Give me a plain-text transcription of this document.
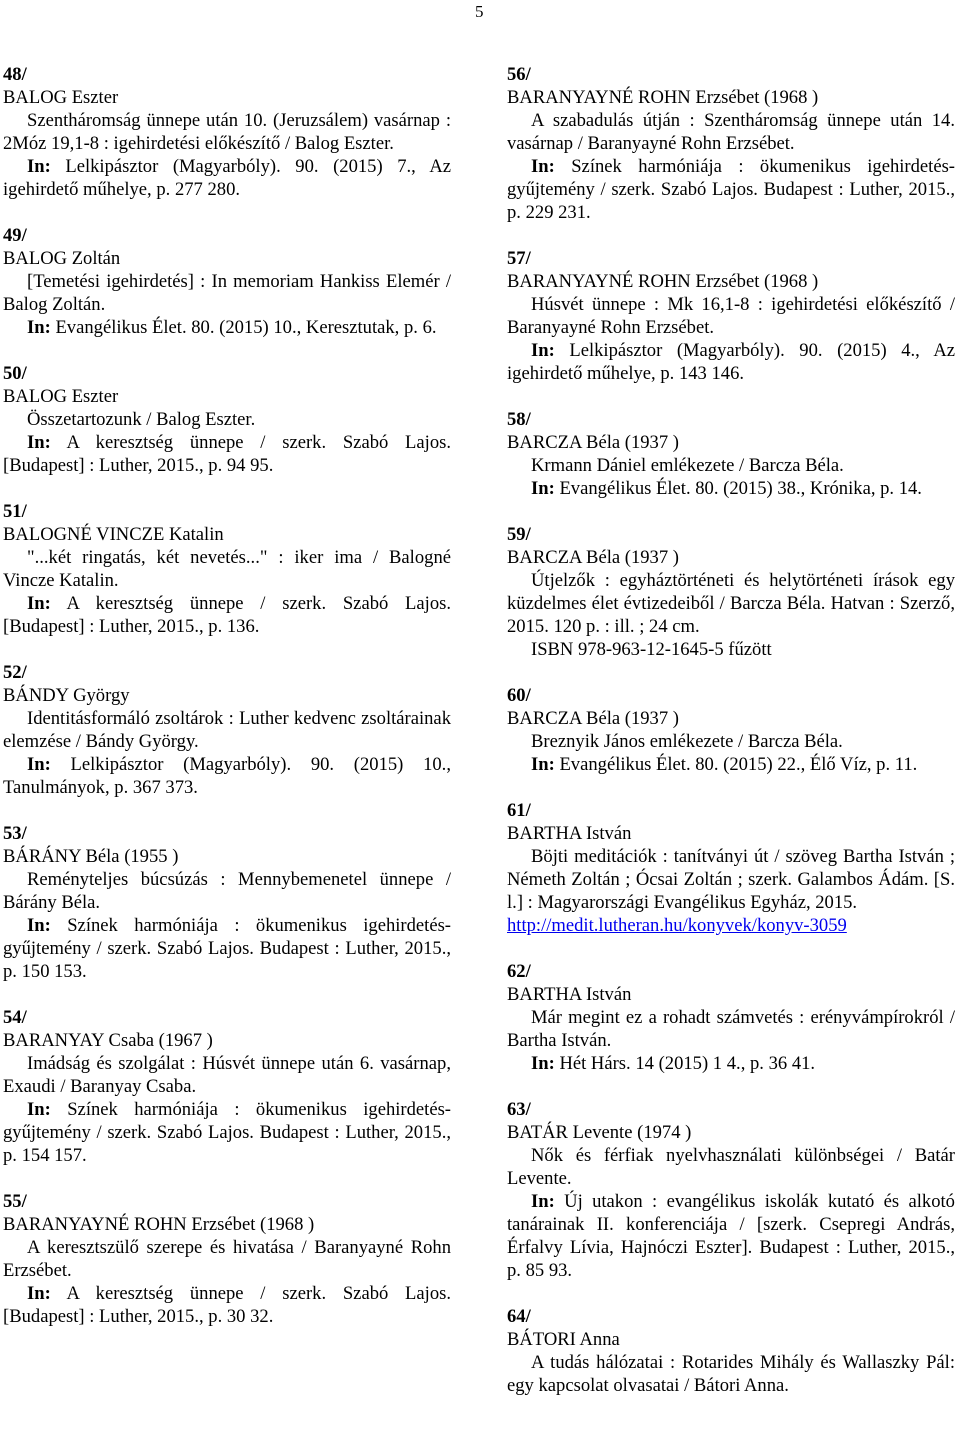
5
48/
BALOG Eszter
Szentháromság ünnepe után 10. (Jeruzsálem) vasárnap : 2Móz 19,1-8 : igehirdetési előkészítő / Balog Eszter.
In: Lelkipásztor (Magyarbóly). 90. (2015) 7., Az igehirdető műhelye, p. 277 280.
49/
BALOG Zoltán
[Temetési igehirdetés] : In memoriam Hankiss Elemér / Balog Zoltán.
In: Evangélikus Élet. 80. (2015) 10., Keresztutak, p. 6.
50/
BALOG Eszter
Összetartozunk / Balog Eszter.
In: A keresztség ünnepe / szerk. Szabó Lajos. [Budapest] : Luther, 2015., p. 94 95.
51/
BALOGNÉ VINCZE Katalin
"...két ringatás, két nevetés..." : iker ima / Balogné Vincze Katalin.
In: A keresztség ünnepe / szerk. Szabó Lajos. [Budapest] : Luther, 2015., p. 136.
52/
BÁNDY György
Identitásformáló zsoltárok : Luther kedvenc zsoltárainak elemzése / Bándy György.
In: Lelkipásztor (Magyarbóly). 90. (2015) 10., Tanulmányok, p. 367 373.
53/
BÁRÁNY Béla (1955 )
Reményteljes búcsúzás : Mennybemenetel ünnepe / Bárány Béla.
In: Színek harmóniája : ökumenikus igehirdetés-gyűjtemény / szerk. Szabó Lajos. Budapest : Luther, 2015., p. 150 153.
54/
BARANYAY Csaba (1967 )
Imádság és szolgálat : Húsvét ünnepe után 6. vasárnap, Exaudi / Baranyay Csaba.
In: Színek harmóniája : ökumenikus igehirdetés-gyűjtemény / szerk. Szabó Lajos. Budapest : Luther, 2015., p. 154 157.
55/
BARANYAYNÉ ROHN Erzsébet (1968 )
A keresztszülő szerepe és hivatása / Baranyayné Rohn Erzsébet.
In: A keresztség ünnepe / szerk. Szabó Lajos. [Budapest] : Luther, 2015., p. 30 32.
56/
BARANYAYNÉ ROHN Erzsébet (1968 )
A szabadulás útján : Szentháromság ünnepe után 14. vasárnap / Baranyayné Rohn Erzsébet.
In: Színek harmóniája : ökumenikus igehirdetés-gyűjtemény / szerk. Szabó Lajos. Budapest : Luther, 2015., p. 229 231.
57/
BARANYAYNÉ ROHN Erzsébet (1968 )
Húsvét ünnepe : Mk 16,1-8 : igehirdetési előkészítő / Baranyayné Rohn Erzsébet.
In: Lelkipásztor (Magyarbóly). 90. (2015) 4., Az igehirdető műhelye, p. 143 146.
58/
BARCZA Béla (1937 )
Krmann Dániel emlékezete / Barcza Béla.
In: Evangélikus Élet. 80. (2015) 38., Krónika, p. 14.
59/
BARCZA Béla (1937 )
Útjelzők : egyháztörténeti és helytörténeti írások egy küzdelmes élet évtizedeiből / Barcza Béla. Hatvan : Szerző, 2015. 120 p. : ill. ; 24 cm.
ISBN 978-963-12-1645-5 fűzött
60/
BARCZA Béla (1937 )
Breznyik János emlékezete / Barcza Béla.
In: Evangélikus Élet. 80. (2015) 22., Élő Víz, p. 11.
61/
BARTHA István
Böjti meditációk : tanítványi út / szöveg Bartha István ; Németh Zoltán ; Ócsai Zoltán ; szerk. Galambos Ádám. [S. l.] : Magyarországi Evangélikus Egyház, 2015.
http://medit.lutheran.hu/konyvek/konyv-3059
62/
BARTHA István
Már megint ez a rohadt számvetés : erényvámpírokról / Bartha István.
In: Hét Hárs. 14 (2015) 1 4., p. 36 41.
63/
BATÁR Levente (1974 )
Nők és férfiak nyelvhasználati különbségei / Batár Levente.
In: Új utakon : evangélikus iskolák kutató és alkotó tanárainak II. konferenciája / [szerk. Csepregi András, Érfalvy Lívia, Hajnóczi Eszter]. Budapest : Luther, 2015., p. 85 93.
64/
BÁTORI Anna
A tudás hálózatai : Rotarides Mihály és Wallaszky Pál: egy kapcsolat olvasatai / Bátori Anna.
